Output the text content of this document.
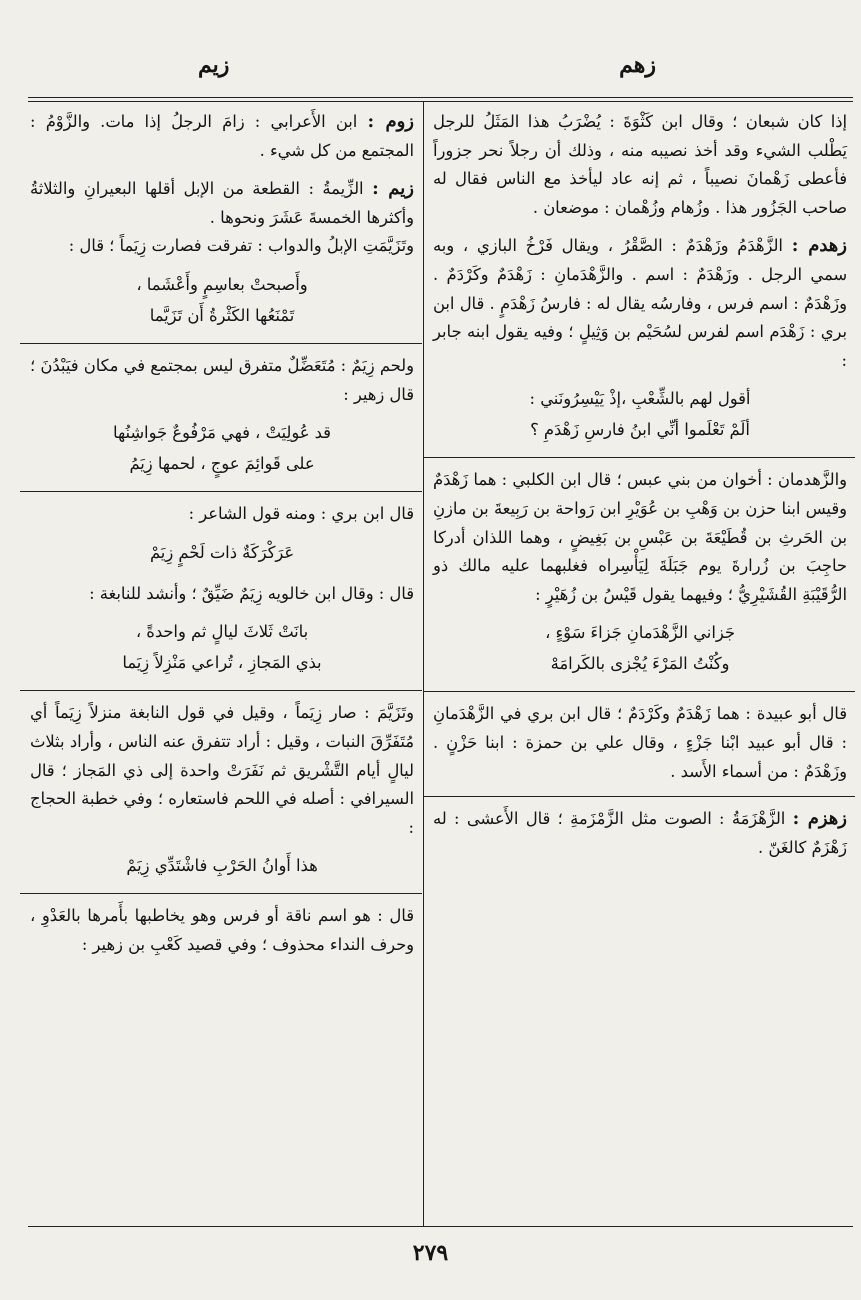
زهم
زيم

إذا كان شبعان ؛ وقال ابن كَثْوَةَ : يُضْرَبُ هذا المَثَلُ للرجل يَطْلب الشيء وقد أخذ نصيبه منه ، وذلك أن رجلاً نحر جزوراً فأعطى زَهْمانَ نصيباً ، ثم إنه عاد ليأخذ مع الناس فقال له صاحب الجَزُور هذا . وزُهام وزُهْمان : موضعان .

زهدم : الزَّهْدَمُ وزَهْدَمٌ : الصَّقْرُ ، ويقال فَرْخُ البازي ، وبه سمي الرجل . وزَهْدَمٌ : اسم . والزَّهْدَمانِ : زَهْدَمٌ وكَرْدَمٌ . وزَهْدَمٌ : اسم فرس ، وفارسُه يقال له : فارسُ زَهْدَمٍ . قال ابن بري : زَهْدَم اسم لفرس لسُحَيْم بن وَثِيلٍ ؛ وفيه يقول ابنه جابر :

أقول لهم بالشِّعْبِ ،إذْ يَيْسِرُونَني :
ألَمْ تَعْلَموا أنِّي ابنُ فارسِ زَهْدَمِ ؟

والزَّهدمان : أخوان من بني عبس ؛ قال ابن الكلبي : هما زَهْدَمٌ وقيس ابنا حزن بن وَهْبِ بن عُوَيْرِ ابن رَواحة بن رَبِيعةَ بن مازنِ بن الحَرثِ بن قُطَيْعَةَ بن عَبْسِ بن بَغِيضٍ ، وهما اللذان أدركا حاجِبَ بن زُرارةَ يوم جَبَلَةَ لِيَأْسِراه فغلبهما عليه مالك ذو الرُّقَيْبَةِ القُشَيْرِيُّ ؛ وفيهما يقول قَيْسُ بن زُهَيْرٍ :

جَزاني الزَّهْدَمانِ جَزاءَ سَوْءٍ ،
وكُنْتُ المَرْءَ يُجْزى بالكَرامَهْ

قال أبو عبيدة : هما زَهْدَمٌ وكَرْدَمٌ ؛ قال ابن بري في الزَّهْدَمانِ : قال أبو عبيد ابْنا جَزْءٍ ، وقال علي بن حمزة : ابنا حَزْنٍ . وزَهْدَمٌ : من أسماء الأَسد .

زهزم : الزَّهْزَمَةُ : الصوت مثل الزَّمْزَمةِ ؛ قال الأَعشى : له زَهْزَمٌ كالغَنّ .

زوم : ابن الأَعرابي : زامَ الرجلُ إذا مات. والزَّوْمُ : المجتمع من كل شيء .

زيم : الزِّيمةُ : القطعة من الإبل أقلها البعيرانِ والثلاثةُ وأكثرها الخمسةَ عَشَرَ ونحوها .

وتَزَيَّمَتِ الإبلُ والدواب : تفرقت فصارت زِيَماً ؛ قال :

وأَصبحتْ بعاسِمٍ وأَعْشَما ،
تَمْنَعُها الكَثْرةُ أَن تَزَيَّما

ولحم زِيَمٌ : مُتَعَضِّلٌ متفرق ليس بمجتمع في مكان فيَبْدُنَ ؛ قال زهير :

قد عُولِيَتْ ، فهي مَرْفُوعٌ جَواشِنُها
على قَوائِمَ عوجٍ ، لحمها زِيَمُ

قال ابن بري : ومنه قول الشاعر :

عَرَكْرَكَةٌ ذات لَحْمٍ زِيَمْ

قال : وقال ابن خالويه زِيَمٌ ضَيِّقٌ ؛ وأنشد للنابغة :

بانَتْ ثَلاثَ ليالٍ ثم واحدةً ،
بذي المَجازِ ، تُراعي مَنْزِلاً زِيَما

وتَزَيَّمَ : صار زِيَماً ، وقيل في قول النابغة منزلاً زِيَماً أي مُتَفَرِّقَ النبات ، وقيل : أراد تتفرق عنه الناس ، وأراد بثلاث ليالٍ أيام التَّشْريق ثم نَفَرَتْ واحدة إلى ذي المَجاز ؛ قال السيرافي : أصله في اللحم فاستعاره ؛ وفي خطبة الحجاج :

هذا أَوانُ الحَرْبِ فاشْتَدِّي زِيَمْ

قال : هو اسم ناقة أو فرس وهو يخاطبها بأَمرها بالعَدْوِ ، وحرف النداء محذوف ؛ وفي قصيد كَعْبِ بن زهير :

٢٧٩
